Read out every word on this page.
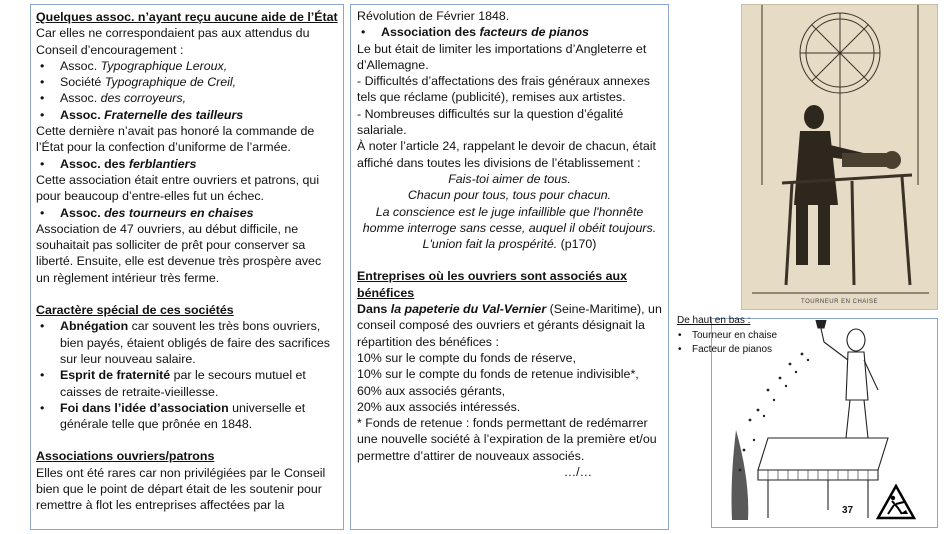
Quelques assoc. n’ayant reçu aucune aide de l’État

Car elles ne correspondaient pas aux attendus du Conseil d’encouragement :

• Assoc. Typographique Leroux,

• Société Typographique de Creil,

• Assoc. des corroyeurs,

• Assoc. Fraternelle des tailleurs

Cette dernière n’avait pas honoré la commande de l’État pour la confection d’uniforme de l’armée.

• Assoc. des ferblantiers

Cette association était entre ouvriers et patrons, qui pour beaucoup d’entre-elles fut un échec.

• Assoc. des tourneurs en chaises

Association de 47 ouvriers, au début difficile, ne souhaitait pas solliciter de prêt pour conserver sa liberté. Ensuite, elle est devenue très prospère avec un règlement intérieur très ferme.

Caractère spécial de ces sociétés

• Abnégation car souvent les très bons ouvriers, bien payés, étaient obligés de faire des sacrifices sur leur nouveau salaire.

• Esprit de fraternité par le secours mutuel et caisses de retraite-vieillesse.

• Foi dans l’idée d’association universelle et générale telle que prônée en 1848.

Associations ouvriers/patrons

Elles ont été rares car non privilégiées par le Conseil bien que le point de départ était de les soutenir pour remettre à flot les entreprises affectées par la

Révolution de Février 1848.

• Association des facteurs de pianos

Le but était de limiter les importations d’Angleterre et d’Allemagne.

- Difficultés d’affectations des frais généraux annexes tels que réclame (publicité), remises aux artistes.

- Nombreuses difficultés sur la question d’égalité salariale.

À noter l’article 24, rappelant le devoir de chacun, était affiché dans toutes les divisions de l’établissement :

Fais-toi aimer de tous.

Chacun pour tous, tous pour chacun.

La conscience est le juge infaillible que l'honnête homme interroge sans cesse, auquel il obéit toujours.

L'union fait la prospérité. (p170)

Entreprises où les ouvriers sont associés aux bénéfices

Dans la papeterie du Val-Vernier (Seine-Maritime), un conseil composé des ouvriers et gérants désignait la répartition des bénéfices :

10% sur le compte du fonds de réserve,

10% sur le compte du fonds de retenue indivisible*,

60% aux associés gérants,

20% aux associés intéressés.

* Fonds de retenue : fonds permettant de redémarrer une nouvelle société à l’expiration de la première et/ou permettre d’attirer de nouveaux associés.

…/…

TOURNEUR EN CHAISE
De haut en bas :
• Tourneur en chaise
• Facteur de pianos
37
